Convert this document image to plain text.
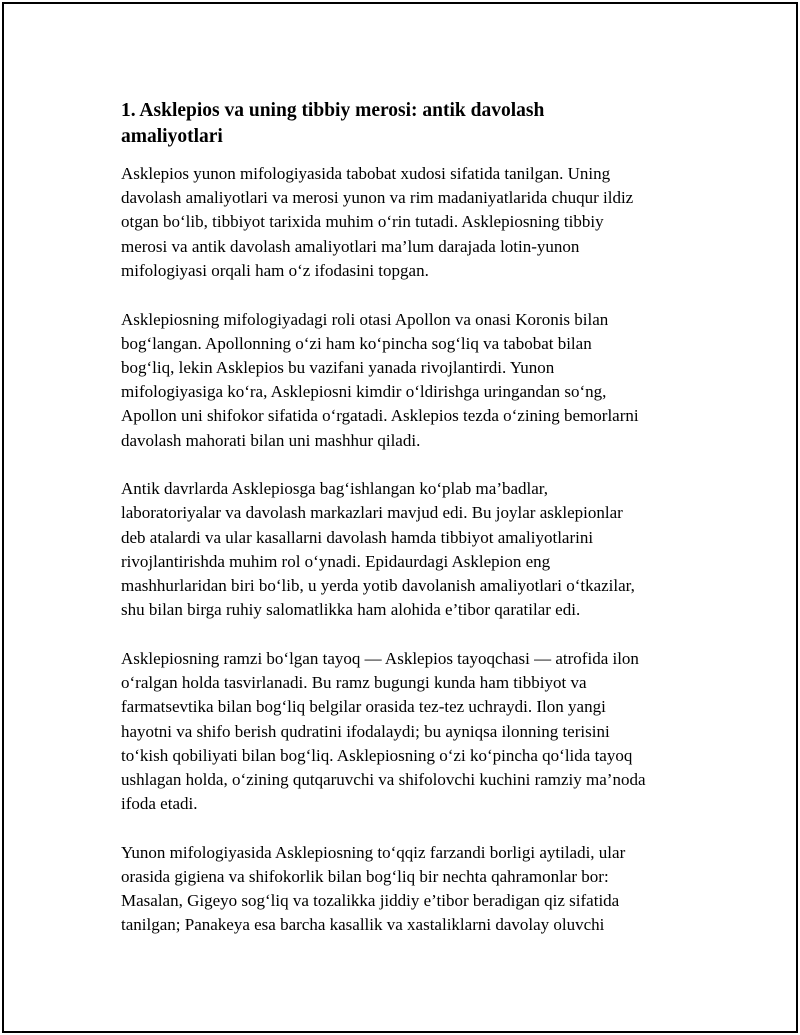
1. Asklepios va uning tibbiy merosi: antik davolash
amaliyotlari

Asklepios yunon mifologiyasida tabobat xudosi sifatida tanilgan. Uning
davolash amaliyotlari va merosi yunon va rim madaniyatlarida chuqur ildiz
otgan bo‘lib, tibbiyot tarixida muhim o‘rin tutadi. Asklepiosning tibbiy
merosi va antik davolash amaliyotlari ma’lum darajada lotin-yunon
mifologiyasi orqali ham o‘z ifodasini topgan.

Asklepiosning mifologiyadagi roli otasi Apollon va onasi Koronis bilan
bog‘langan. Apollonning o‘zi ham ko‘pincha sog‘liq va tabobat bilan
bog‘liq, lekin Asklepios bu vazifani yanada rivojlantirdi. Yunon
mifologiyasiga ko‘ra, Asklepiosni kimdir o‘ldirishga uringandan so‘ng,
Apollon uni shifokor sifatida o‘rgatadi. Asklepios tezda o‘zining bemorlarni
davolash mahorati bilan uni mashhur qiladi.

Antik davrlarda Asklepiosga bag‘ishlangan ko‘plab ma’badlar,
laboratoriyalar va davolash markazlari mavjud edi. Bu joylar asklepionlar
deb atalardi va ular kasallarni davolash hamda tibbiyot amaliyotlarini
rivojlantirishda muhim rol o‘ynadi. Epidaurdagi Asklepion eng
mashhurlaridan biri bo‘lib, u yerda yotib davolanish amaliyotlari o‘tkazilar,
shu bilan birga ruhiy salomatlikka ham alohida e’tibor qaratilar edi.

Asklepiosning ramzi bo‘lgan tayoq — Asklepios tayoqchasi — atrofida ilon
o‘ralgan holda tasvirlanadi. Bu ramz bugungi kunda ham tibbiyot va
farmatsevtika bilan bog‘liq belgilar orasida tez-tez uchraydi. Ilon yangi
hayotni va shifo berish qudratini ifodalaydi; bu ayniqsa ilonning terisini
to‘kish qobiliyati bilan bog‘liq. Asklepiosning o‘zi ko‘pincha qo‘lida tayoq
ushlagan holda, o‘zining qutqaruvchi va shifolovchi kuchini ramziy ma’noda
ifoda etadi.

Yunon mifologiyasida Asklepiosning to‘qqiz farzandi borligi aytiladi, ular
orasida gigiena va shifokorlik bilan bog‘liq bir nechta qahramonlar bor:
Masalan, Gigeyo sog‘liq va tozalikka jiddiy e’tibor beradigan qiz sifatida
tanilgan; Panakeya esa barcha kasallik va xastaliklarni davolay oluvchi
